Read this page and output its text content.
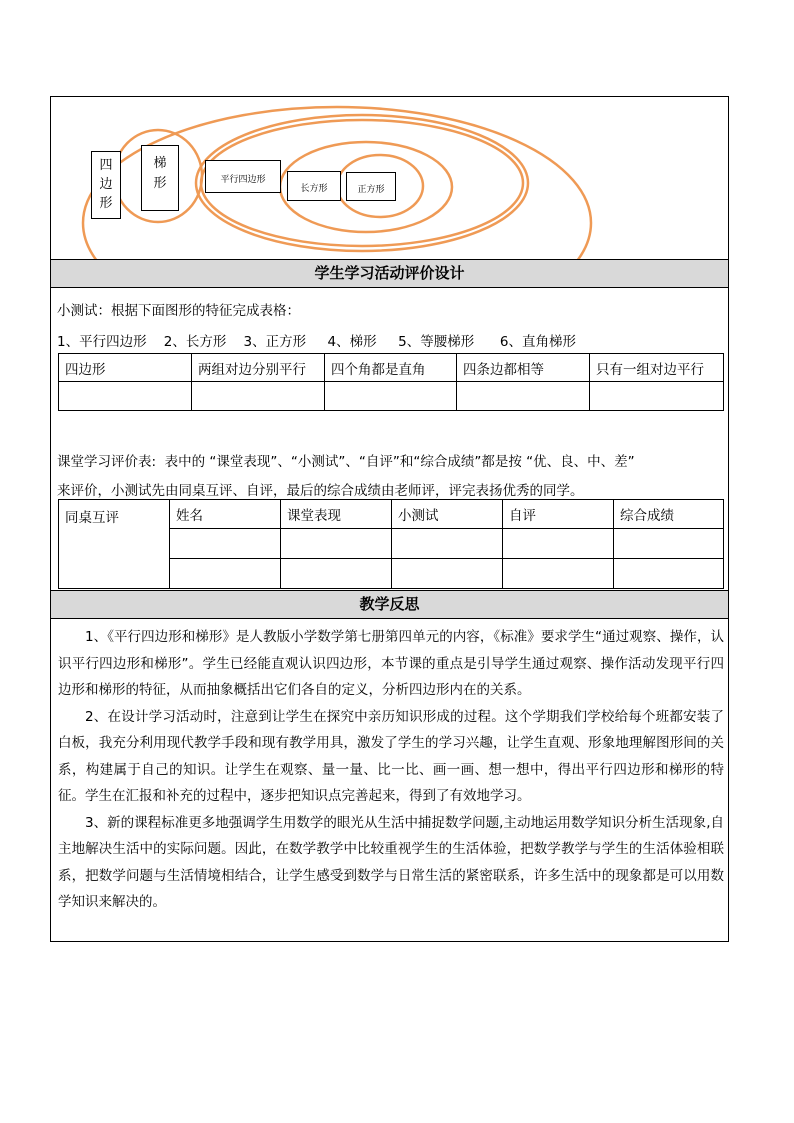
四
边
形
梯
形	平行四边形
长方形	正方形
学生学习活动评价设计
小测试：根据下面图形的特征完成表格：
1、平行四边形    2、长方形    3、正方形     4、梯形     5、等腰梯形      6、直角梯形
四边形	两组对边分别平行	四个角都是直角	四条边都相等	只有一组对边平行

课堂学习评价表:  表中的 “课堂表现”、“小测试”、“自评”和“综合成绩”都是按 “优、良、中、差”
来评价，小测试先由同桌互评、自评，最后的综合成绩由老师评，评完表扬优秀的同学。
同桌互评	姓名	课堂表现	小测试	自评	综合成绩

教学反思

1、《平行四边形和梯形》是人教版小学数学第七册第四单元的内容，《标准》要求学生“通过观察、操作，认识平行四边形和梯形”。学生已经能直观认识四边形，本节课的重点是引导学生通过观察、操作活动发现平行四边形和梯形的特征，从而抽象概括出它们各自的定义，分析四边形内在的关系。

2、在设计学习活动时，注意到让学生在探究中亲历知识形成的过程。这个学期我们学校给每个班都安装了白板，我充分利用现代教学手段和现有教学用具，激发了学生的学习兴趣，让学生直观、形象地理解图形间的关系，构建属于自己的知识。让学生在观察、量一量、比一比、画一画、想一想中，得出平行四边形和梯形的特征。学生在汇报和补充的过程中，逐步把知识点完善起来，得到了有效地学习。

3、新的课程标准更多地强调学生用数学的眼光从生活中捕捉数学问题,主动地运用数学知识分析生活现象,自主地解决生活中的实际问题。因此，在数学教学中比较重视学生的生活体验，把数学教学与学生的生活体验相联系，把数学问题与生活情境相结合，让学生感受到数学与日常生活的紧密联系，许多生活中的现象都是可以用数学知识来解决的。
